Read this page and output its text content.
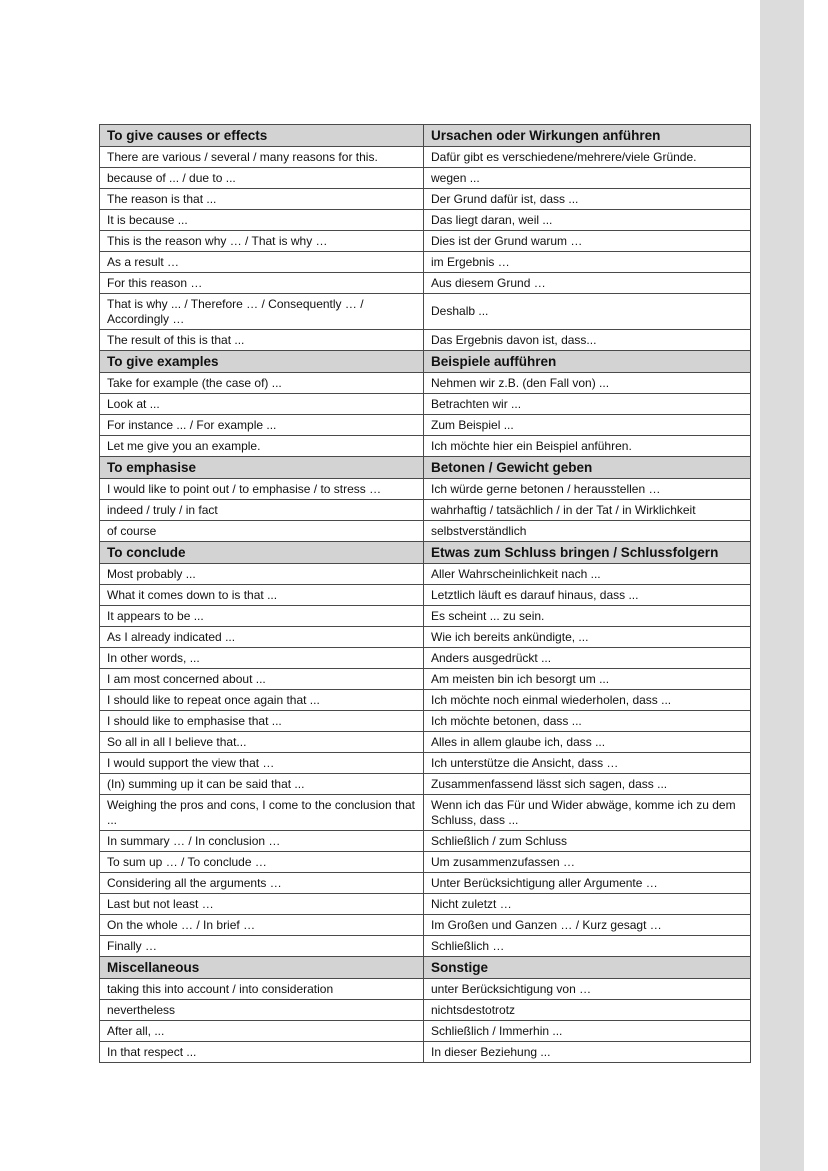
To give causes or effects	Ursachen oder Wirkungen anführen
There are various / several / many reasons for this.	Dafür gibt es verschiedene/mehrere/viele Gründe.
because of ... / due to ...	wegen ...
The reason is that ...	Der Grund dafür ist, dass ...
It is because ...	Das liegt daran, weil ...
This is the reason why … / That is why …	Dies ist der Grund warum …
As a result …	im Ergebnis …
For this reason …	Aus diesem Grund …
That is why ... / Therefore … / Consequently … / Accordingly …	Deshalb ...
The result of this is that ...	Das Ergebnis davon ist, dass...
To give examples	Beispiele aufführen
Take for example (the case of) ...	Nehmen wir z.B. (den Fall von) ...
Look at ...	Betrachten wir ...
For instance ... / For example ...	Zum Beispiel ...
Let me give you an example.	Ich möchte hier ein Beispiel anführen.
To emphasise	Betonen / Gewicht geben
I would like to point out / to emphasise / to stress …	Ich würde gerne betonen / herausstellen …
indeed / truly / in fact	wahrhaftig / tatsächlich / in der Tat / in Wirklichkeit
of course	selbstverständlich
To conclude	Etwas zum Schluss bringen / Schlussfolgern
Most probably ...	Aller Wahrscheinlichkeit nach ...
What it comes down to is that ...	Letztlich läuft es darauf hinaus, dass ...
It appears to be ...	Es scheint ... zu sein.
As I already indicated ...	Wie ich bereits ankündigte, ...
In other words, ...	Anders ausgedrückt ...
I am most concerned about ...	Am meisten bin ich besorgt um ...
I should like to repeat once again that ...	Ich möchte noch einmal wiederholen, dass ...
I should like to emphasise that ...	Ich möchte betonen, dass ...
So all in all I believe that...	Alles in allem glaube ich, dass ...
I would support the view that …	Ich unterstütze die Ansicht, dass …
(In) summing up it can be said that ...	Zusammenfassend lässt sich sagen, dass ...
Weighing the pros and cons, I come to the conclusion that ...	Wenn ich das Für und Wider abwäge, komme ich zu dem Schluss, dass ...
In summary … / In conclusion …	Schließlich / zum Schluss
To sum up … / To conclude …	Um zusammenzufassen …
Considering all the arguments …	Unter Berücksichtigung aller Argumente …
Last but not least …	Nicht zuletzt …
On the whole … / In brief …	Im Großen und Ganzen … / Kurz gesagt …
Finally …	Schließlich …
Miscellaneous	Sonstige
taking this into account / into consideration	unter Berücksichtigung von …
nevertheless	nichtsdestotrotz
After all, ...	Schließlich / Immerhin ...
In that respect ...	In dieser Beziehung ...
